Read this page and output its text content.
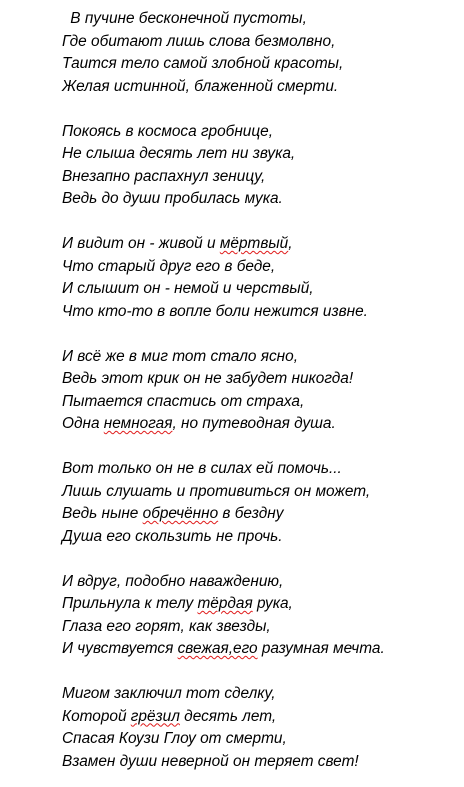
В пучине бесконечной пустоты,
Где обитают лишь слова безмолвно,
Таится тело самой злобной красоты,
Желая истинной, блаженной смерти.
Покоясь в космоса гробнице,
Не слыша десять лет ни звука,
Внезапно распахнул зеницу,
Ведь до души пробилась мука.
И видит он - живой и мёртвый,
Что старый друг его в беде,
И слышит он - немой и черствый,
Что кто-то в вопле боли нежится извне.
И всё же в миг тот стало ясно,
Ведь этот крик он не забудет никогда!
Пытается спастись от страха,
Одна немногая, но путеводная душа.
Вот только он не в силах ей помочь...
Лишь слушать и противиться он может,
Ведь ныне обречённо в бездну
Душа его скользить не прочь.
И вдруг, подобно наваждению,
Прильнула к телу тёрдая рука,
Глаза его горят, как звезды,
И чувствуется свежая,его разумная мечта.
Мигом заключил тот сделку,
Которой грёзил десять лет,
Спасая Коузи Глоу от смерти,
Взамен души неверной он теряет свет!
